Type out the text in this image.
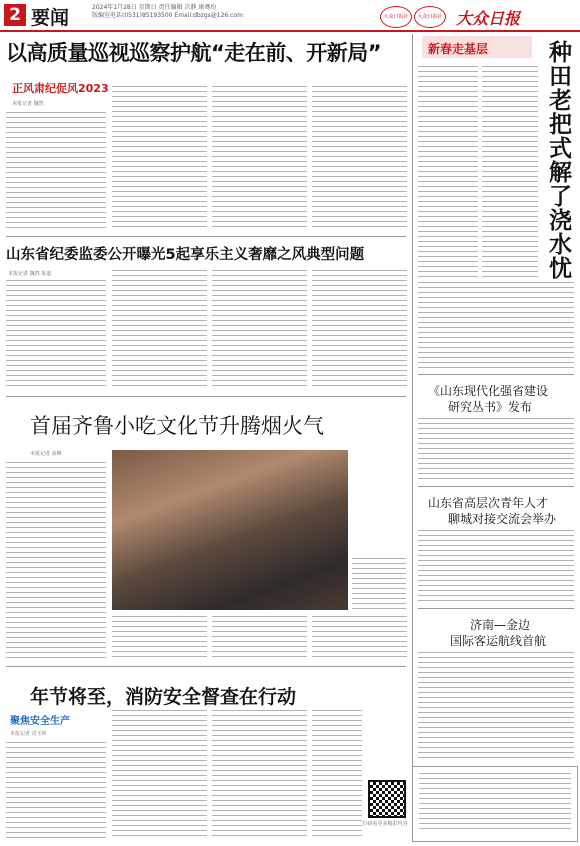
2 要闻	2024年1月28日 星期日 责任编辑 次静 康骞玢
版编室电话(0531)85193500 Email:dbzgs@126.com	大众日报社	大众日报社 大众日报
以高质量巡视巡察护航“走在前、开新局”
正风肃纪促风2023
本报记者 魏然
山东省纪委监委公开曝光5起享乐主义奢靡之风典型问题
本报记者 魏然 报道
首届齐鲁小吃文化节升腾烟火气
本报记者 高峰
年节将至，消防安全督查在行动
聚焦安全生产
本报记者 肖玉婷
扫码看更多精彩内容
新春走基层 种田老把式解了浇水忧
《山东现代化强省建设
研究丛书》发布
山东省高层次青年人才
聊城对接交流会举办
济南—金边
国际客运航线首航
